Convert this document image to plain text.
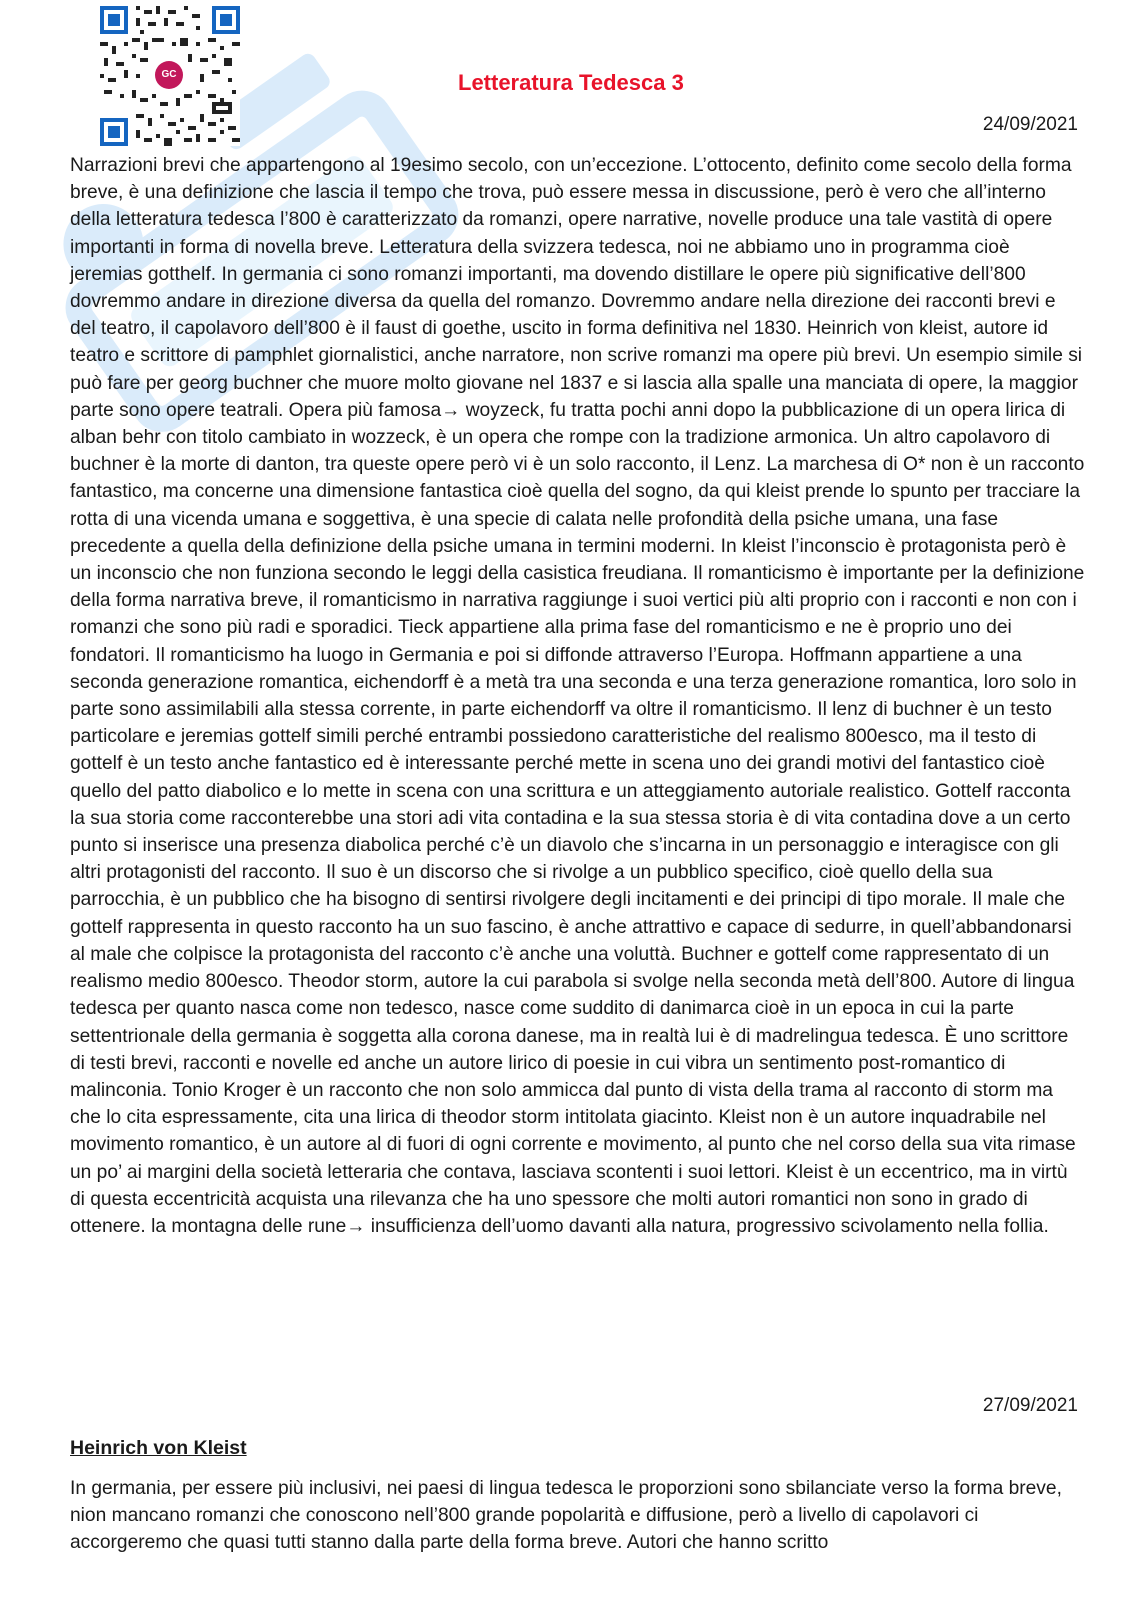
GC	Letteratura Tedesca 3
24/09/2021

Narrazioni brevi che appartengono al 19esimo secolo, con un’eccezione. L’ottocento, definito come secolo della forma breve, è una definizione che lascia il tempo che trova, può essere messa in discussione, però è vero che all’interno della letteratura tedesca l’800 è caratterizzato da romanzi, opere narrative, novelle produce una tale vastità di opere importanti in forma di novella breve. Letteratura della svizzera tedesca, noi ne abbiamo uno in programma cioè jeremias gotthelf. In germania ci sono romanzi importanti, ma dovendo distillare le opere più significative dell’800 dovremmo andare in direzione diversa da quella del romanzo. Dovremmo andare nella direzione dei racconti brevi e del teatro, il capolavoro dell’800 è il faust di goethe, uscito in forma definitiva nel 1830. Heinrich von kleist, autore id teatro e scrittore di pamphlet giornalistici, anche narratore, non scrive romanzi ma opere più brevi. Un esempio simile si può fare per georg buchner che muore molto giovane nel 1837 e si lascia alla spalle una manciata di opere, la maggior parte sono opere teatrali. Opera più famosa→ woyzeck, fu tratta pochi anni dopo la pubblicazione di un opera lirica di alban behr con titolo cambiato in wozzeck, è un opera che rompe con la tradizione armonica. Un altro capolavoro di buchner è la morte di danton, tra queste opere però vi è un solo racconto, il Lenz. La marchesa di O* non è un racconto fantastico, ma concerne una dimensione fantastica cioè quella del sogno, da qui kleist prende lo spunto per tracciare la rotta di una vicenda umana e soggettiva, è una specie di calata nelle profondità della psiche umana, una fase precedente a quella della definizione della psiche umana in termini moderni. In kleist l’inconscio è protagonista però è un inconscio che non funziona secondo le leggi della casistica freudiana. Il romanticismo è importante per la definizione della forma narrativa breve, il romanticismo in narrativa raggiunge i suoi vertici più alti proprio con i racconti e non con i romanzi che sono più radi e sporadici. Tieck appartiene alla prima fase del romanticismo e ne è proprio uno dei fondatori. Il romanticismo ha luogo in Germania e poi si diffonde attraverso l’Europa. Hoffmann appartiene a una seconda generazione romantica, eichendorff è a metà tra una seconda e una terza generazione romantica, loro solo in parte sono assimilabili alla stessa corrente, in parte eichendorff va oltre il romanticismo. Il lenz di buchner è un testo particolare e jeremias gottelf simili perché entrambi possiedono caratteristiche del realismo 800esco, ma il testo di gottelf è un testo anche fantastico ed è interessante perché mette in scena uno dei grandi motivi del fantastico cioè quello del patto diabolico e lo mette in scena con una scrittura e un atteggiamento autoriale realistico. Gottelf racconta la sua storia come racconterebbe una stori adi vita contadina e la sua stessa storia è di vita contadina dove a un certo punto si inserisce una presenza diabolica perché c’è un diavolo che s’incarna in un personaggio e interagisce con gli altri protagonisti del racconto. Il suo è un discorso che si rivolge a un pubblico specifico, cioè quello della sua parrocchia, è un pubblico che ha bisogno di sentirsi rivolgere degli incitamenti e dei principi di tipo morale. Il male che gottelf rappresenta in questo racconto ha un suo fascino, è anche attrattivo e capace di sedurre, in quell’abbandonarsi al male che colpisce la protagonista del racconto c’è anche una voluttà. Buchner e gottelf come rappresentato di un realismo medio 800esco. Theodor storm, autore la cui parabola si svolge nella seconda metà dell’800. Autore di lingua tedesca per quanto nasca come non tedesco, nasce come suddito di danimarca cioè in un epoca in cui la parte settentrionale della germania è soggetta alla corona danese, ma in realtà lui è di madrelingua tedesca. È uno scrittore di testi brevi, racconti e novelle ed anche un autore lirico di poesie in cui vibra un sentimento post-romantico di malinconia. Tonio Kroger è un racconto che non solo ammicca dal punto di vista della trama al racconto di storm ma che lo cita espressamente, cita una lirica di theodor storm intitolata giacinto. Kleist non è un autore inquadrabile nel movimento romantico, è un autore al di fuori di ogni corrente e movimento, al punto che nel corso della sua vita rimase un po’ ai margini della società letteraria che contava, lasciava scontenti i suoi lettori. Kleist è un eccentrico, ma in virtù di questa eccentricità acquista una rilevanza che ha uno spessore che molti autori romantici non sono in grado di ottenere. la montagna delle rune→ insufficienza dell’uomo davanti alla natura, progressivo scivolamento nella follia.

27/09/2021

Heinrich von Kleist

In germania, per essere più inclusivi, nei paesi di lingua tedesca le proporzioni sono sbilanciate verso la forma breve, nion mancano romanzi che conoscono nell’800 grande popolarità e diffusione, però a livello di capolavori ci accorgeremo che quasi tutti stanno dalla parte della forma breve. Autori che hanno scritto
